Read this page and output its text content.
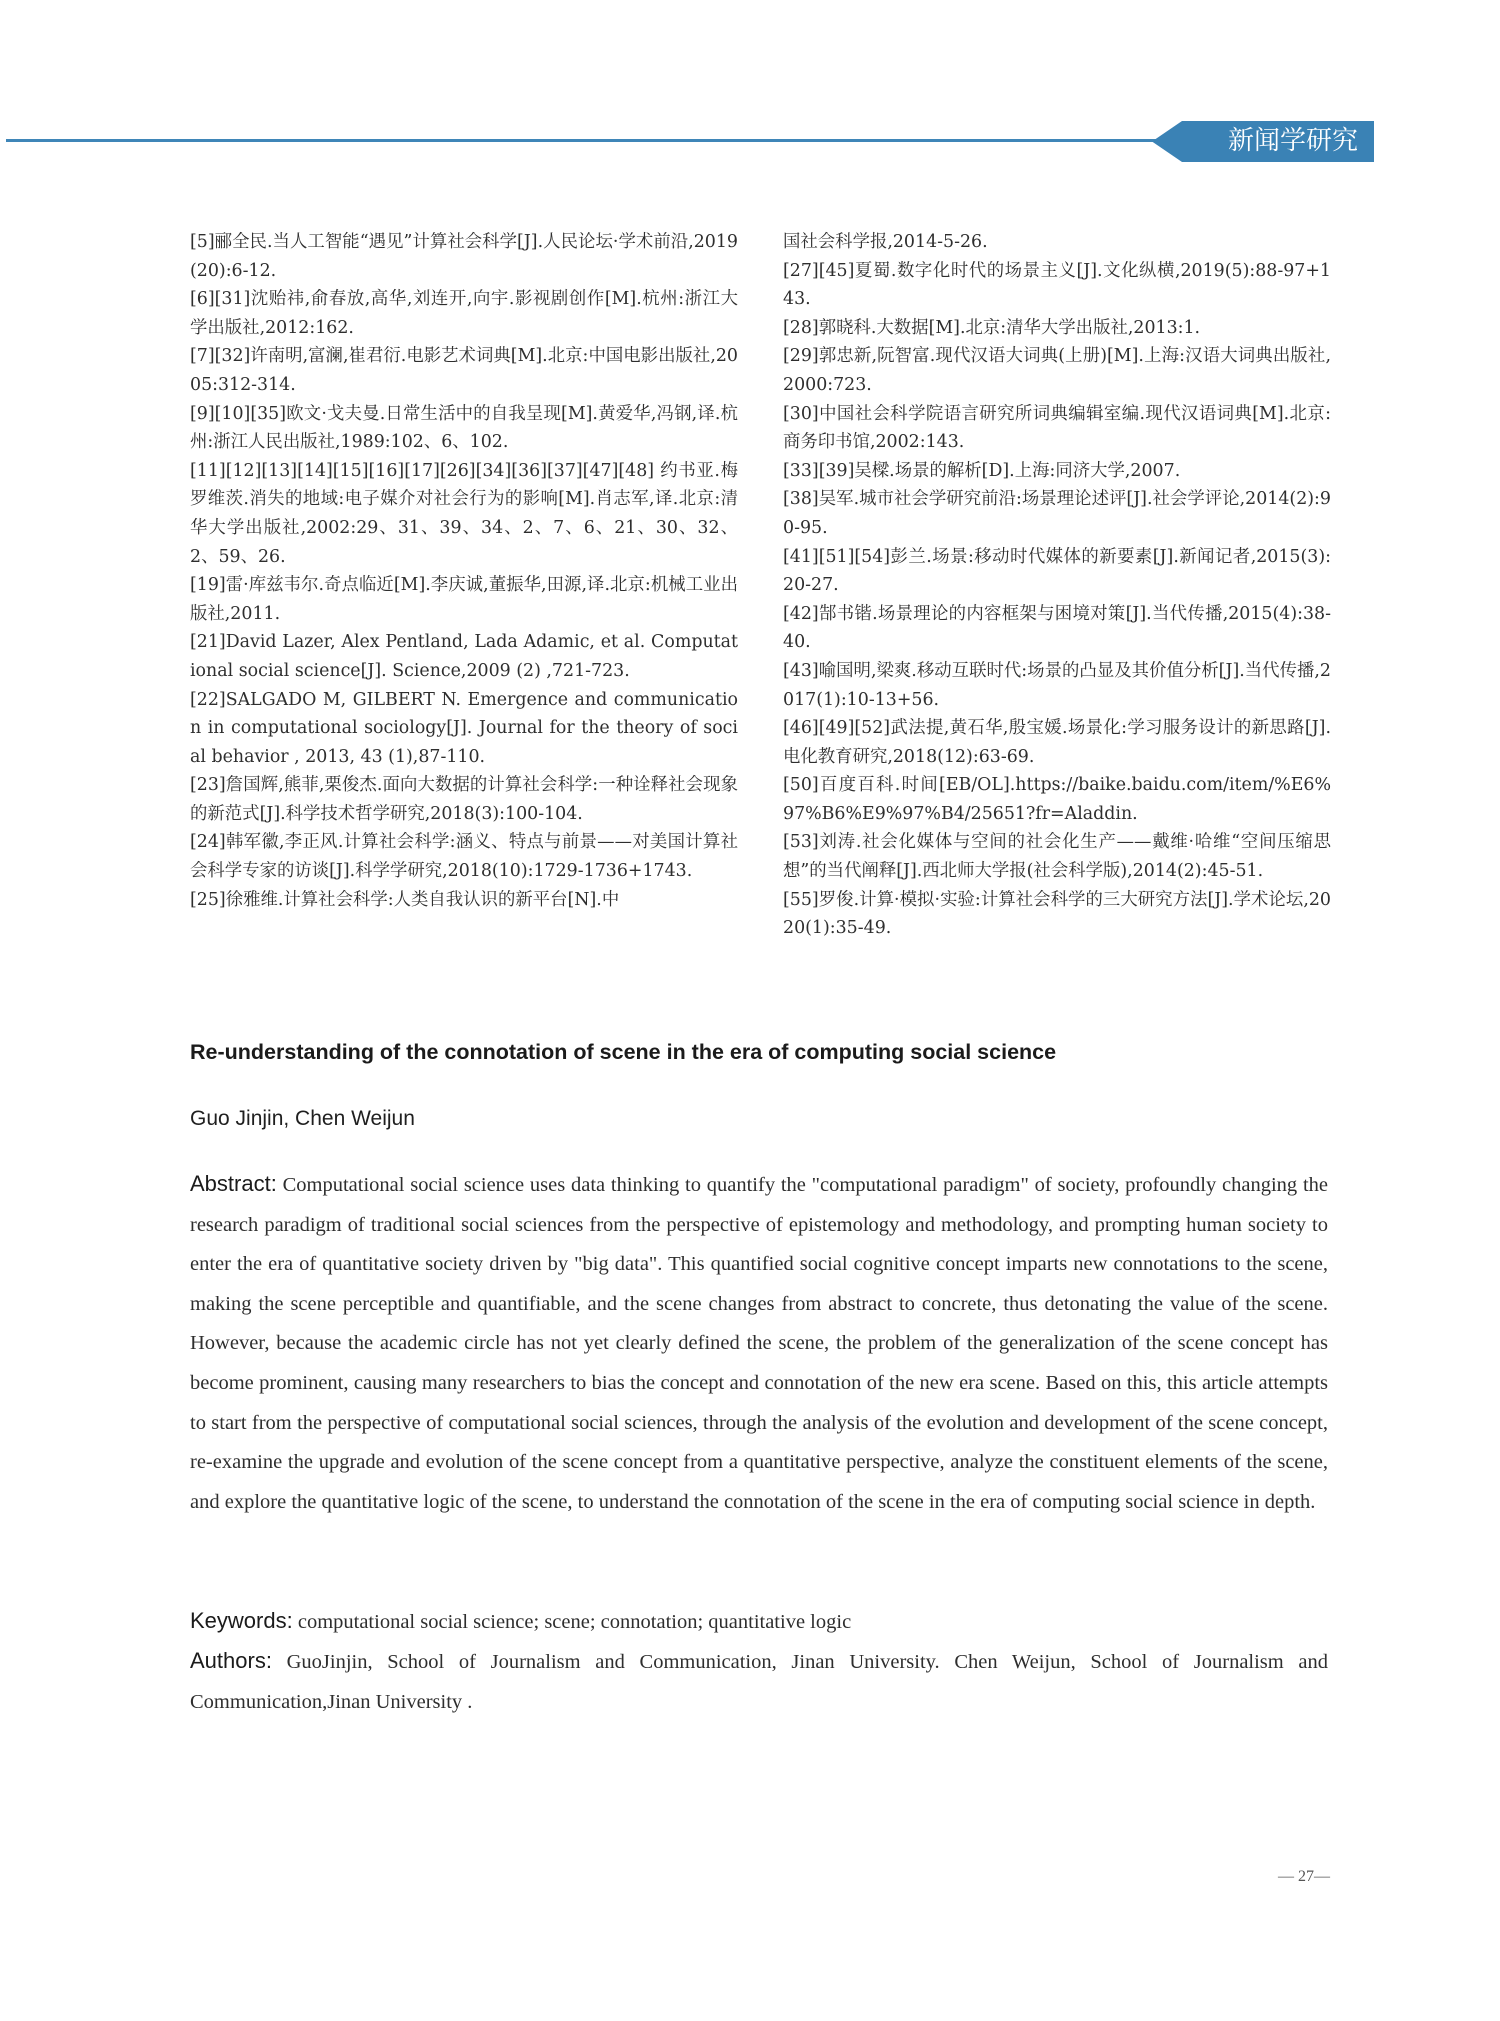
新闻学研究

[5]郦全民.当人工智能“遇见”计算社会科学[J].人民论坛·学术前沿,2019(20):6-12.

[6][31]沈贻祎,俞春放,高华,刘连开,向宇.影视剧创作[M].杭州:浙江大学出版社,2012:162.

[7][32]许南明,富澜,崔君衍.电影艺术词典[M].北京:中国电影出版社,2005:312-314.

[9][10][35]欧文·戈夫曼.日常生活中的自我呈现[M].黄爱华,冯钢,译.杭州:浙江人民出版社,1989:102、6、102.

[11][12][13][14][15][16][17][26][34][36][37][47][48] 约书亚.梅罗维茨.消失的地域:电子媒介对社会行为的影响[M].肖志军,译.北京:清华大学出版社,2002:29、31、39、34、2、7、6、21、30、32、2、59、26.

[19]雷·库兹韦尔.奇点临近[M].李庆诚,董振华,田源,译.北京:机械工业出版社,2011.

[21]David Lazer, Alex Pentland, Lada Adamic, et al. Computational social science[J]. Science,2009 (2) ,721-723.

[22]SALGADO M, GILBERT N. Emergence and communication in computational sociology[J]. Journal for the theory of social behavior , 2013, 43 (1),87-110.

[23]詹国辉,熊菲,栗俊杰.面向大数据的计算社会科学:一种诠释社会现象的新范式[J].科学技术哲学研究,2018(3):100-104.

[24]韩军徽,李正风.计算社会科学:涵义、特点与前景——对美国计算社会科学专家的访谈[J].科学学研究,2018(10):1729-1736+1743.

[25]徐雅维.计算社会科学:人类自我认识的新平台[N].中

国社会科学报,2014-5-26.

[27][45]夏蜀.数字化时代的场景主义[J].文化纵横,2019(5):88-97+143.

[28]郭晓科.大数据[M].北京:清华大学出版社,2013:1.

[29]郭忠新,阮智富.现代汉语大词典(上册)[M].上海:汉语大词典出版社,2000:723.

[30]中国社会科学院语言研究所词典编辑室编.现代汉语词典[M].北京:商务印书馆,2002:143.

[33][39]吴樑.场景的解析[D].上海:同济大学,2007.

[38]吴军.城市社会学研究前沿:场景理论述评[J].社会学评论,2014(2):90-95.

[41][51][54]彭兰.场景:移动时代媒体的新要素[J].新闻记者,2015(3):20-27.

[42]郜书锴.场景理论的内容框架与困境对策[J].当代传播,2015(4):38-40.

[43]喻国明,梁爽.移动互联时代:场景的凸显及其价值分析[J].当代传播,2017(1):10-13+56.

[46][49][52]武法提,黄石华,殷宝媛.场景化:学习服务设计的新思路[J].电化教育研究,2018(12):63-69.

[50]百度百科.时间[EB/OL].https://baike.baidu.com/item/%E6%97%B6%E9%97%B4/25651?fr=Aladdin.

[53]刘涛.社会化媒体与空间的社会化生产——戴维·哈维“空间压缩思想”的当代阐释[J].西北师大学报(社会科学版),2014(2):45-51.

[55]罗俊.计算·模拟·实验:计算社会科学的三大研究方法[J].学术论坛,2020(1):35-49.

Re-understanding of the connotation of scene in the era of computing social science
Guo Jinjin, Chen Weijun

Abstract: Computational social science uses data thinking to quantify the "computational paradigm" of society, profoundly changing the research paradigm of traditional social sciences from the perspective of epistemology and methodology, and prompting human society to enter the era of quantitative society driven by "big data". This quantified social cognitive concept imparts new connotations to the scene, making the scene perceptible and quantifiable, and the scene changes from abstract to concrete, thus detonating the value of the scene. However, because the academic circle has not yet clearly defined the scene, the problem of the generalization of the scene concept has become prominent, causing many researchers to bias the concept and connotation of the new era scene. Based on this, this article attempts to start from the perspective of computational social sciences, through the analysis of the evolution and development of the scene concept, re-examine the upgrade and evolution of the scene concept from a quantitative perspective, analyze the constituent elements of the scene, and explore the quantitative logic of the scene, to understand the connotation of the scene in the era of computing social science in depth.

Keywords: computational social science; scene; connotation; quantitative logic

Authors: GuoJinjin, School of Journalism and Communication, Jinan University. Chen Weijun, School of Journalism and Communication,Jinan University .

— 27—
